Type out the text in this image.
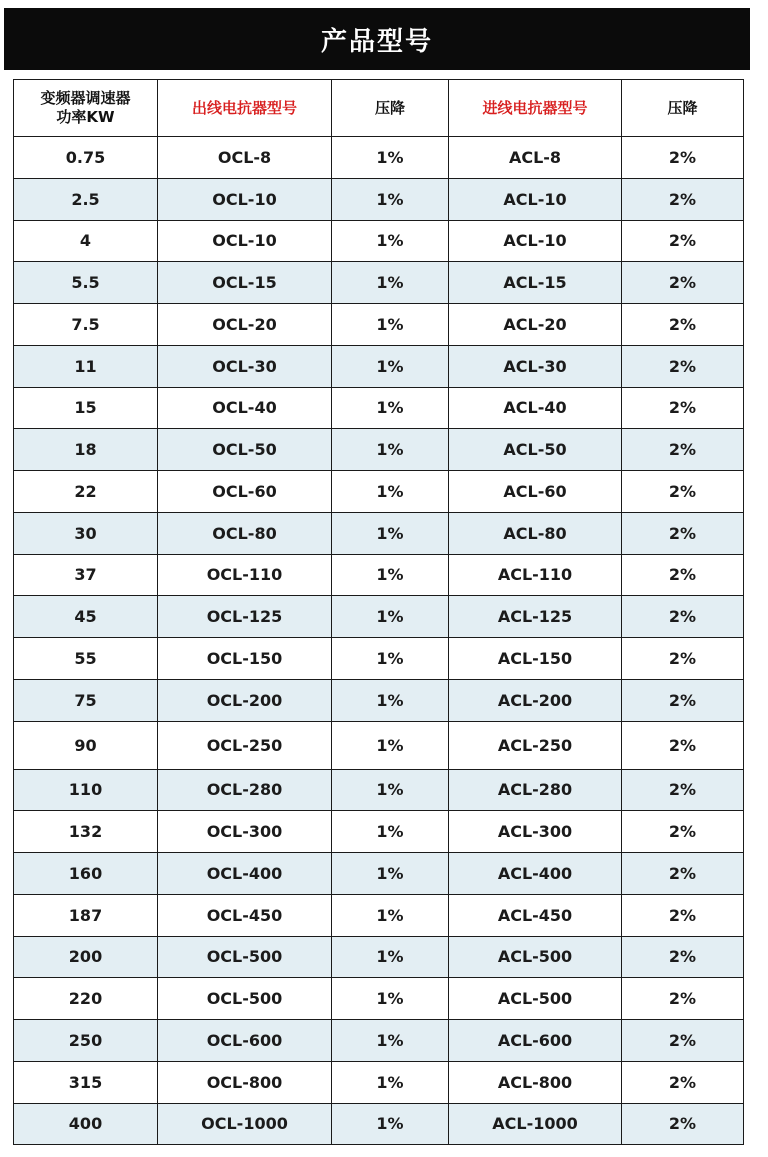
产品型号
变频器调速器
功率KW	出线电抗器型号	压降	进线电抗器型号	压降
0.75	OCL-8	1%	ACL-8	2%
2.5	OCL-10	1%	ACL-10	2%
4	OCL-10	1%	ACL-10	2%
5.5	OCL-15	1%	ACL-15	2%
7.5	OCL-20	1%	ACL-20	2%
11	OCL-30	1%	ACL-30	2%
15	OCL-40	1%	ACL-40	2%
18	OCL-50	1%	ACL-50	2%
22	OCL-60	1%	ACL-60	2%
30	OCL-80	1%	ACL-80	2%
37	OCL-110	1%	ACL-110	2%
45	OCL-125	1%	ACL-125	2%
55	OCL-150	1%	ACL-150	2%
75	OCL-200	1%	ACL-200	2%
90	OCL-250	1%	ACL-250	2%
110	OCL-280	1%	ACL-280	2%
132	OCL-300	1%	ACL-300	2%
160	OCL-400	1%	ACL-400	2%
187	OCL-450	1%	ACL-450	2%
200	OCL-500	1%	ACL-500	2%
220	OCL-500	1%	ACL-500	2%
250	OCL-600	1%	ACL-600	2%
315	OCL-800	1%	ACL-800	2%
400	OCL-1000	1%	ACL-1000	2%
